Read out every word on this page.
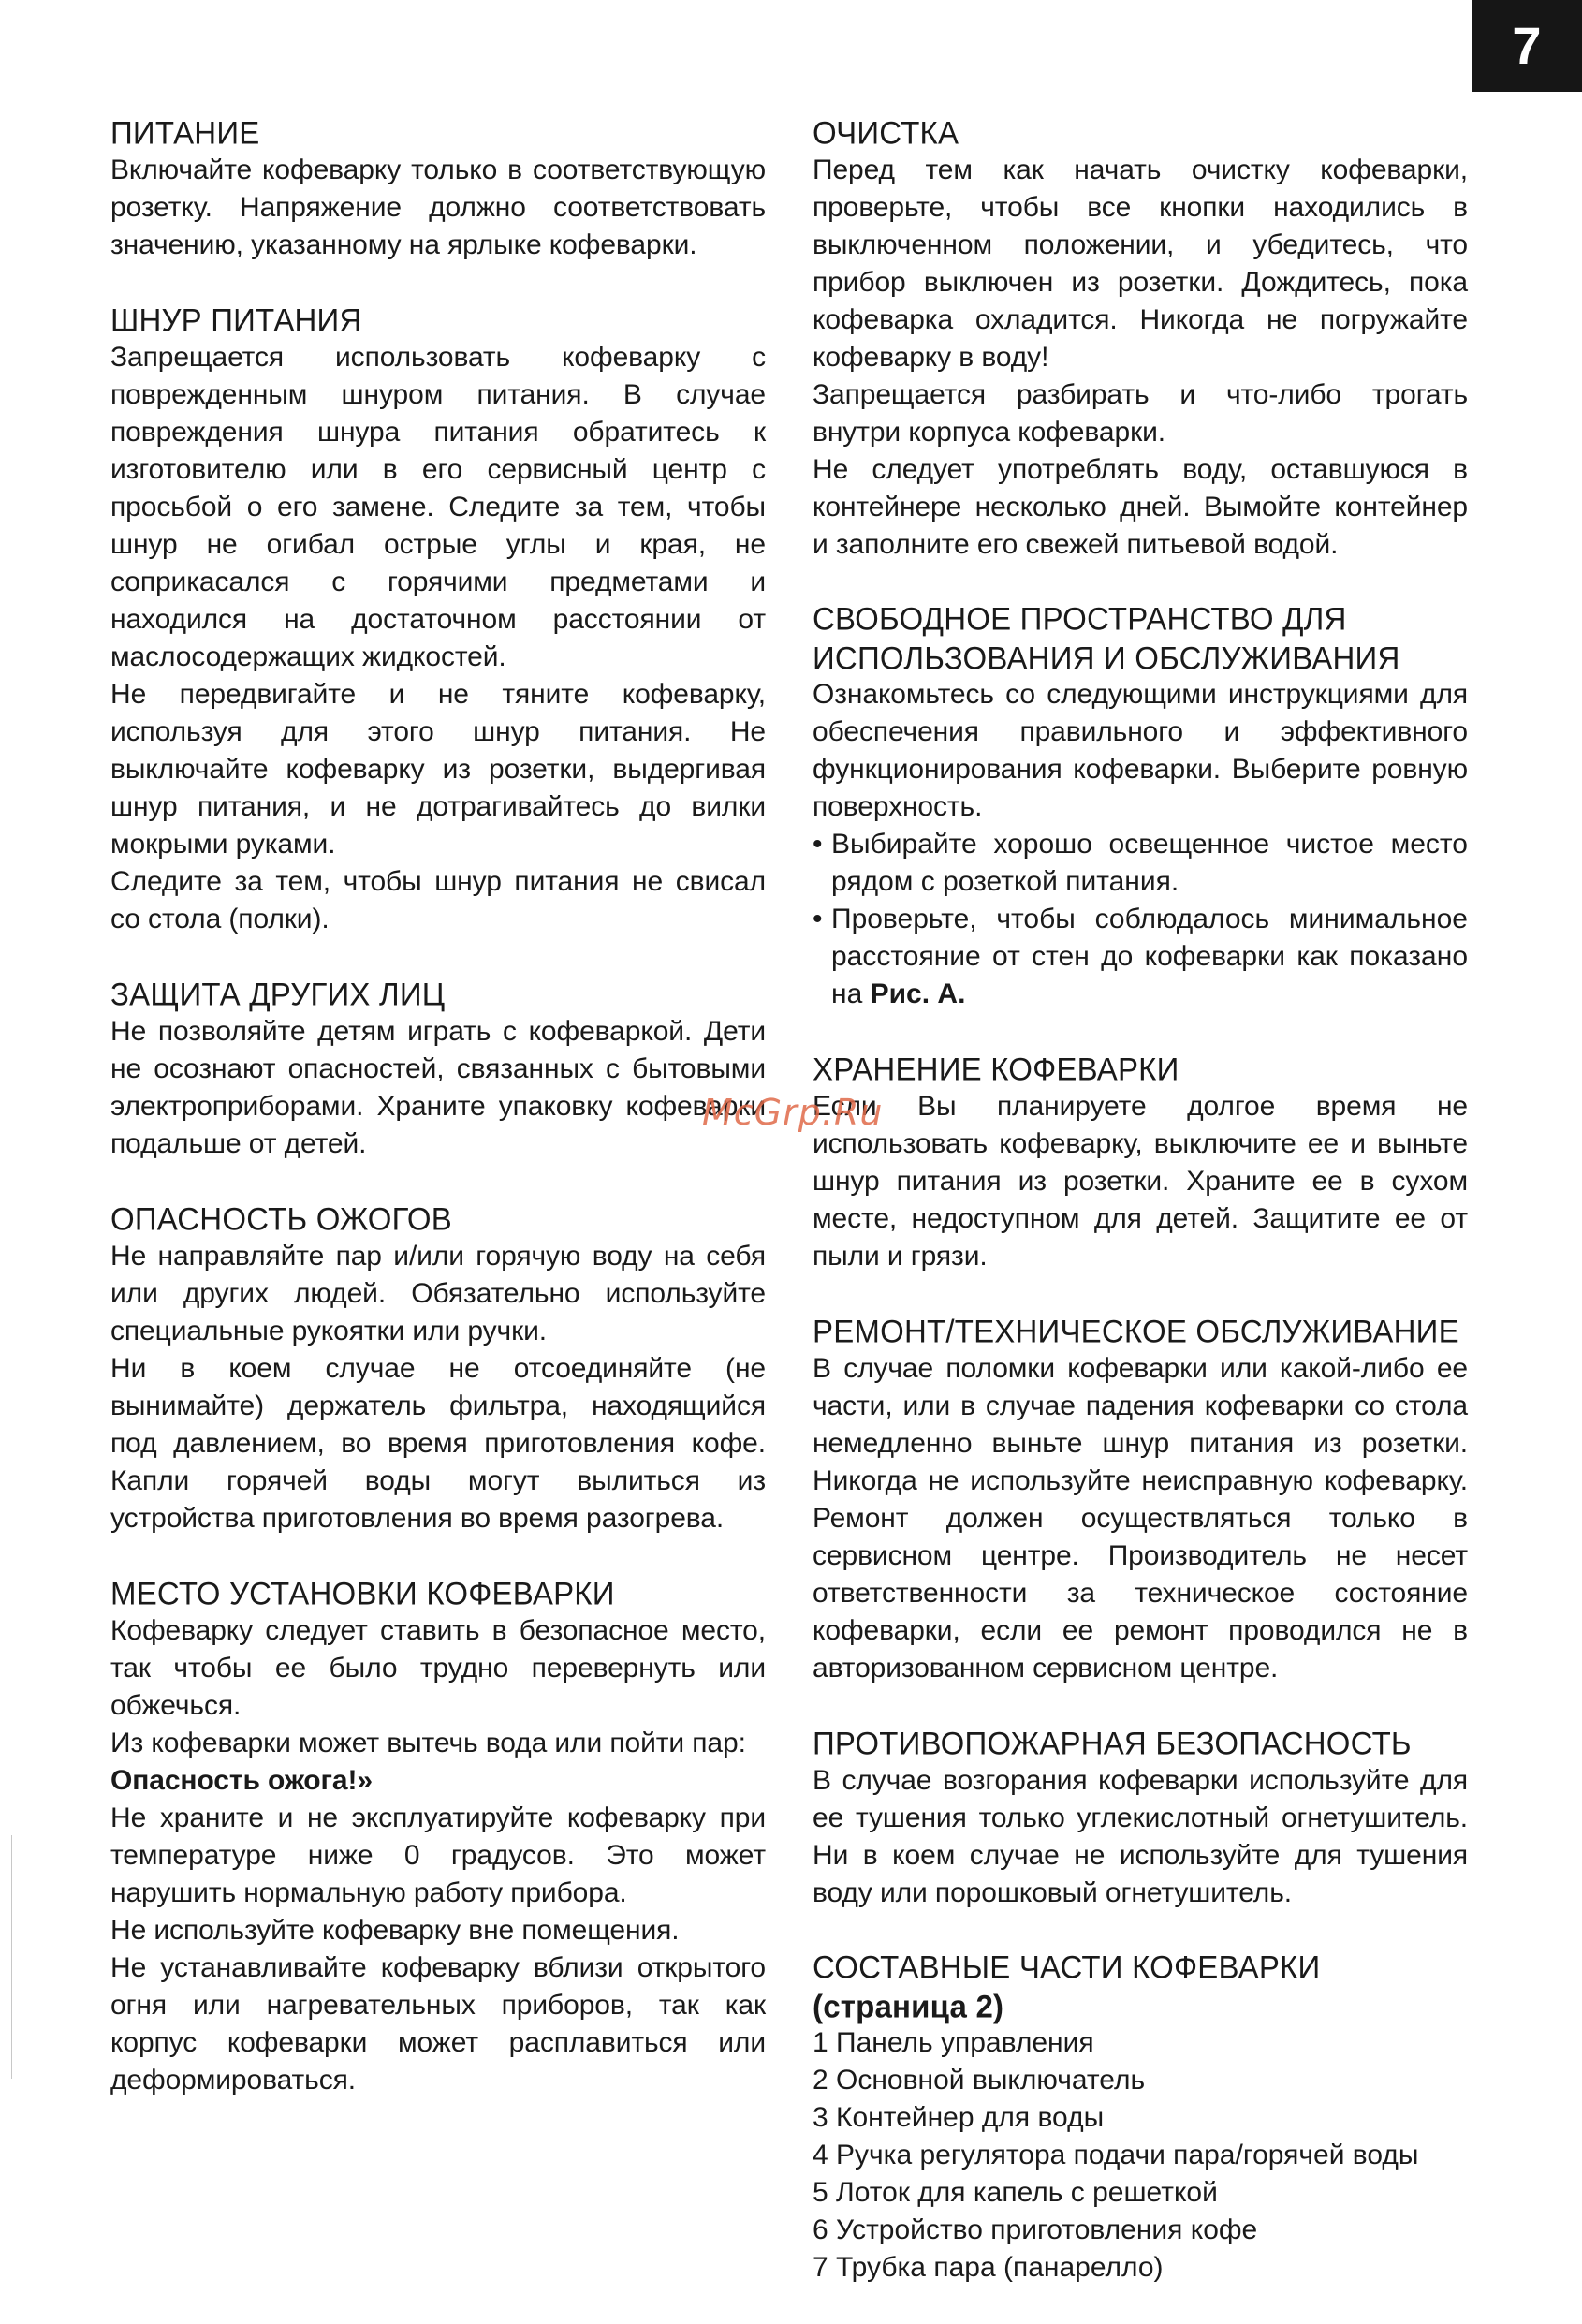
7
ПИТАНИЕ

Включайте кофеварку только в соответствующую розетку. Напряжение должно соответствовать значению, указанному на ярлыке кофеварки.

ШНУР ПИТАНИЯ

Запрещается использовать кофеварку с поврежденным шнуром питания. В случае повреждения шнура питания обратитесь к изготовителю или в его сервисный центр с просьбой о его замене. Следите за тем, чтобы шнур не огибал острые углы и края, не соприкасался с горячими предметами и находился на достаточном расстоянии от маслосодержащих жидкостей.

Не передвигайте и не тяните кофеварку, используя для этого шнур питания. Не выключайте кофеварку из розетки, выдергивая шнур питания, и не дотрагивайтесь до вилки мокрыми руками.

Следите за тем, чтобы шнур питания не свисал со стола (полки).

ЗАЩИТА ДРУГИХ ЛИЦ

Не позволяйте детям играть с кофеваркой. Дети не осознают опасностей, связанных с бытовыми электроприборами. Храните упаковку кофеварки подальше от детей.

ОПАСНОСТЬ ОЖОГОВ

Не направляйте пар и/или горячую воду на себя или других людей. Обязательно используйте специальные рукоятки или ручки.

Ни в коем случае не отсоединяйте (не вынимайте) держатель фильтра, находящийся под давлением, во время приготовления кофе. Капли горячей воды могут вылиться из устройства приготовления во время разогрева.

МЕСТО УСТАНОВКИ КОФЕВАРКИ

Кофеварку следует ставить в безопасное место, так чтобы ее было трудно перевернуть или обжечься.

Из кофеварки может вытечь вода или пойти пар:

Опасность ожога!»

Не храните и не эксплуатируйте кофеварку при температуре ниже 0 градусов. Это может нарушить нормальную работу прибора.

Не используйте кофеварку вне помещения.

Не устанавливайте кофеварку вблизи открытого огня или нагревательных приборов, так как корпус кофеварки может расплавиться или деформироваться.

ОЧИСТКА

Перед тем как начать очистку кофеварки, проверьте, чтобы все кнопки находились в выключенном положении, и убедитесь, что прибор выключен из розетки. Дождитесь, пока кофеварка охладится. Никогда не погружайте кофеварку в воду!

Запрещается разбирать и что-либо трогать внутри корпуса кофеварки.

Не следует употреблять воду, оставшуюся в контейнере несколько дней. Вымойте контейнер и заполните его свежей питьевой водой.

СВОБОДНОЕ ПРОСТРАНСТВО ДЛЯ ИСПОЛЬЗОВАНИЯ И ОБСЛУЖИВАНИЯ

Ознакомьтесь со следующими инструкциями для обеспечения правильного и эффективного функционирования кофеварки. Выберите ровную поверхность.

• Выбирайте хорошо освещенное чистое место рядом с розеткой питания.
• Проверьте, чтобы соблюдалось минимальное расстояние от стен до кофеварки как показано на Рис. А.
ХРАНЕНИЕ КОФЕВАРКИ

Если Вы планируете долгое время не использовать кофеварку, выключите ее и выньте шнур питания из розетки. Храните ее в сухом месте, недоступном для детей. Защитите ее от пыли и грязи.

РЕМОНТ/ТЕХНИЧЕСКОЕ ОБСЛУЖИВАНИЕ

В случае поломки кофеварки или какой-либо ее части, или в случае падения кофеварки со стола немедленно выньте шнур питания из розетки. Никогда не используйте неисправную кофеварку. Ремонт должен осуществляться только в сервисном центре. Производитель не несет ответственности за техническое состояние кофеварки, если ее ремонт проводился не в авторизованном сервисном центре.

ПРОТИВОПОЖАРНАЯ БЕЗОПАСНОСТЬ

В случае возгорания кофеварки используйте для ее тушения только углекислотный огнетушитель. Ни в коем случае не используйте для тушения воду или порошковый огнетушитель.

СОСТАВНЫЕ ЧАСТИ КОФЕВАРКИ (страница 2)

1 Панель управления

2 Основной выключатель

3 Контейнер для воды

4 Ручка регулятора подачи пара/горячей воды

5 Лоток для капель с решеткой

6 Устройство приготовления кофе

7 Трубка пара (панарелло)

McGrp.Ru
